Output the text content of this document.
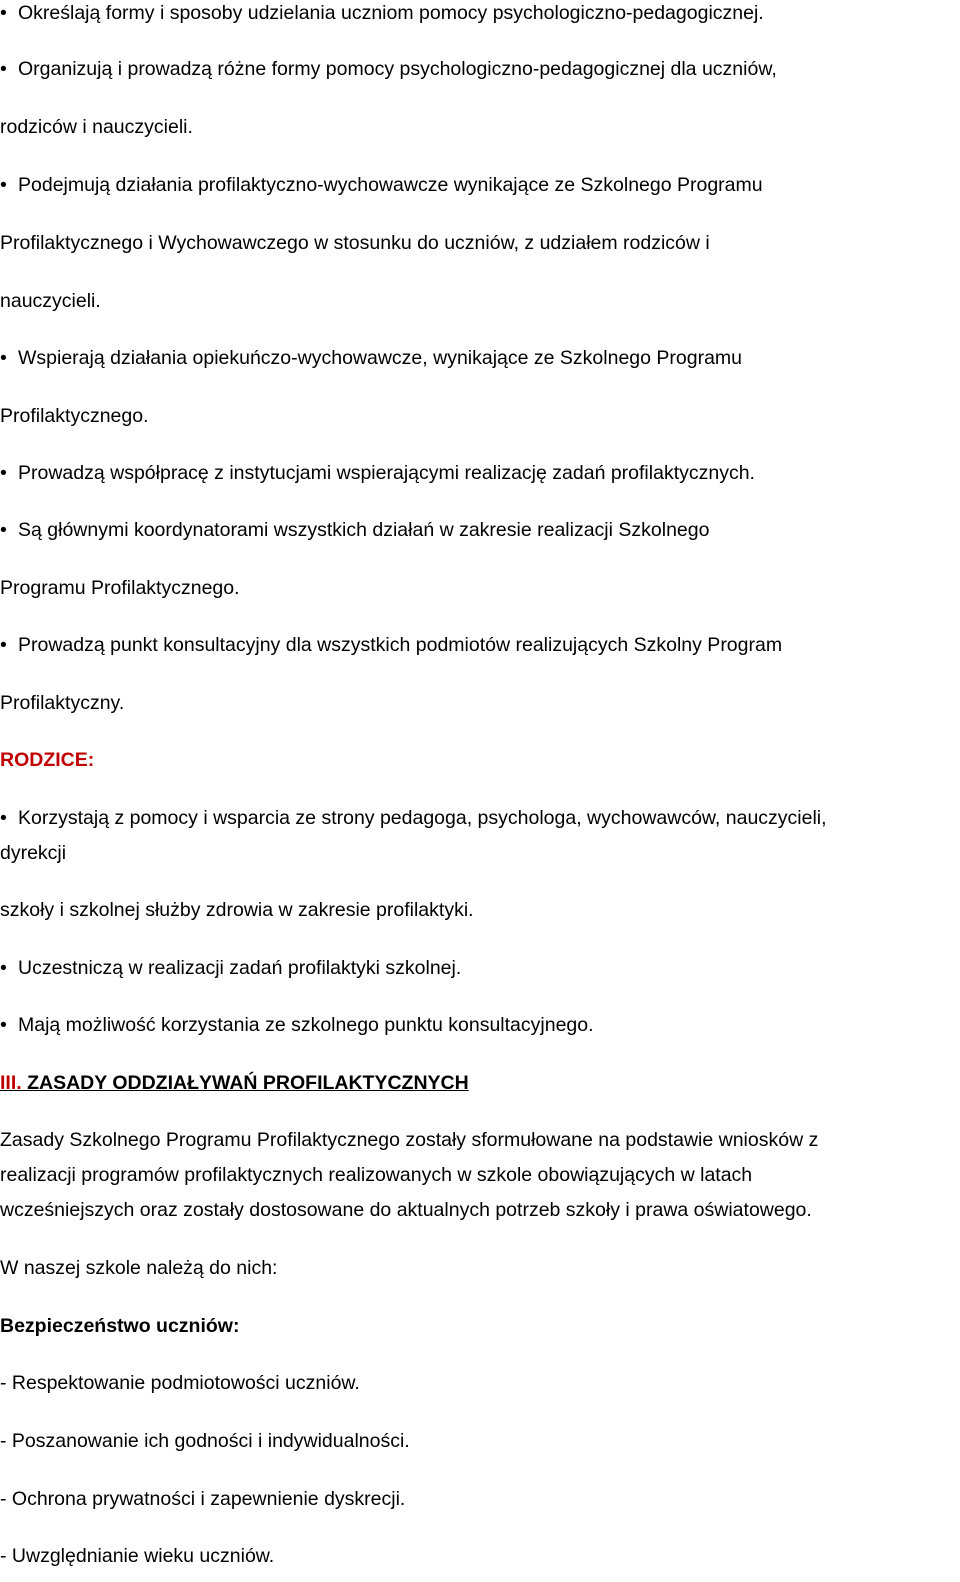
• Określają formy i sposoby udzielania uczniom pomocy psychologiczno-pedagogicznej.
• Organizują i prowadzą różne formy pomocy psychologiczno-pedagogicznej dla uczniów,
rodziców i nauczycieli.
• Podejmują działania profilaktyczno-wychowawcze wynikające ze Szkolnego Programu
Profilaktycznego i Wychowawczego w stosunku do uczniów, z udziałem rodziców i
nauczycieli.
• Wspierają działania opiekuńczo-wychowawcze, wynikające ze Szkolnego Programu
Profilaktycznego.
• Prowadzą współpracę z instytucjami wspierającymi realizację zadań profilaktycznych.
• Są głównymi koordynatorami wszystkich działań w zakresie realizacji Szkolnego
Programu Profilaktycznego.
• Prowadzą punkt konsultacyjny dla wszystkich podmiotów realizujących Szkolny Program
Profilaktyczny.
RODZICE:
• Korzystają z pomocy i wsparcia ze strony pedagoga, psychologa, wychowawców, nauczycieli,
dyrekcji
szkoły i szkolnej służby zdrowia w zakresie profilaktyki.
• Uczestniczą w realizacji zadań profilaktyki szkolnej.
• Mają możliwość korzystania ze szkolnego punktu konsultacyjnego.
III. ZASADY ODDZIAŁYWAŃ PROFILAKTYCZNYCH
Zasady Szkolnego Programu Profilaktycznego zostały sformułowane na podstawie wniosków z
realizacji programów profilaktycznych realizowanych w szkole obowiązujących w latach
wcześniejszych oraz zostały dostosowane do aktualnych potrzeb szkoły i prawa oświatowego.
W naszej szkole należą do nich:
Bezpieczeństwo uczniów:
- Respektowanie podmiotowości uczniów.
- Poszanowanie ich godności i indywidualności.
- Ochrona prywatności i zapewnienie dyskrecji.
- Uwzględnianie wieku uczniów.
